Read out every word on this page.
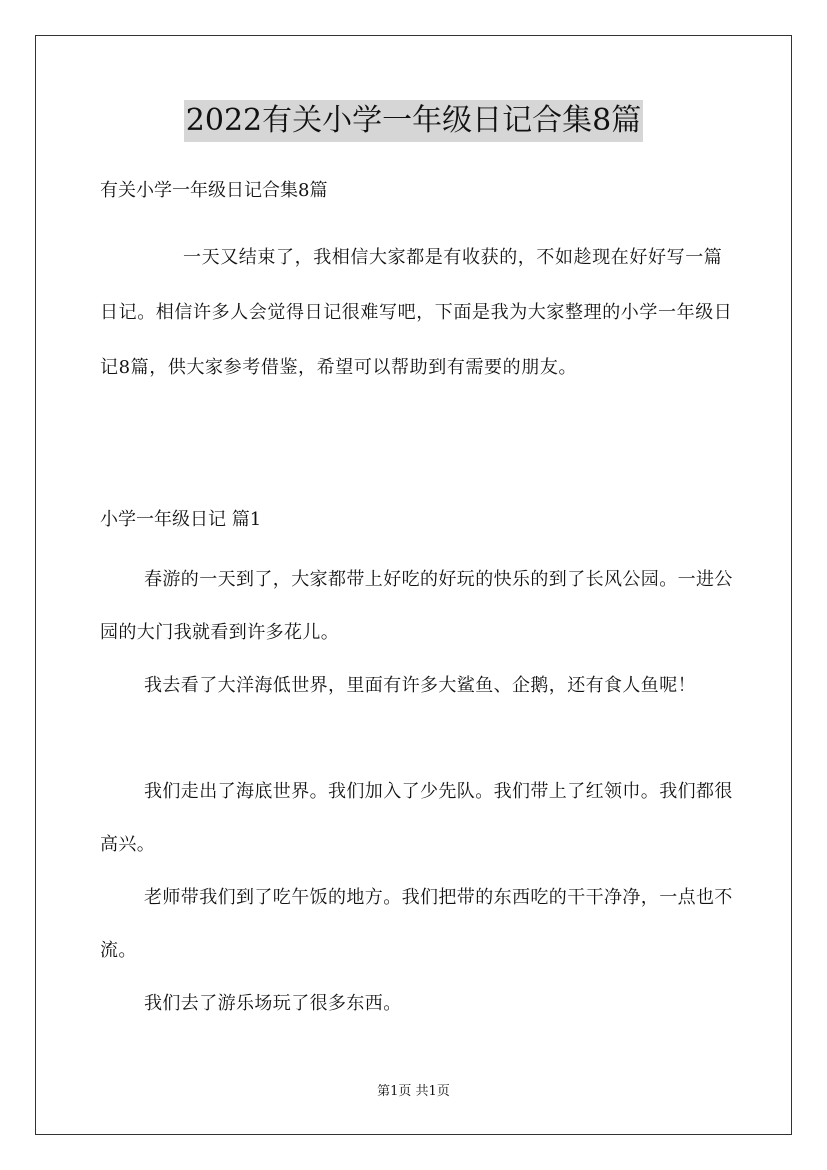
2022有关小学一年级日记合集8篇

有关小学一年级日记合集8篇

一天又结束了，我相信大家都是有收获的，不如趁现在好好写一篇日记。相信许多人会觉得日记很难写吧，下面是我为大家整理的小学一年级日记8篇，供大家参考借鉴，希望可以帮助到有需要的朋友。

小学一年级日记 篇1

春游的一天到了，大家都带上好吃的好玩的快乐的到了长风公园。一进公园的大门我就看到许多花儿。

我去看了大洋海低世界，里面有许多大鲨鱼、企鹅，还有食人鱼呢！

我们走出了海底世界。我们加入了少先队。我们带上了红领巾。我们都很高兴。

老师带我们到了吃午饭的地方。我们把带的东西吃的干干净净，一点也不流。

我们去了游乐场玩了很多东西。

第1页 共1页
